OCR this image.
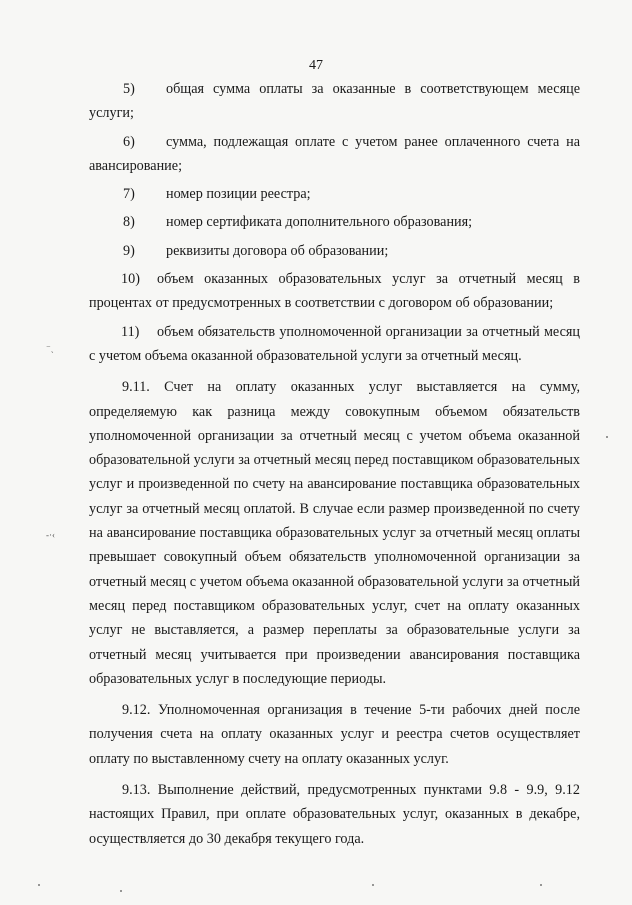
47

5) общая сумма оплаты за оказанные в соответствующем месяце услуги;

6) сумма, подлежащая оплате с учетом ранее оплаченного счета на авансирование;

7) номер позиции реестра;

8) номер сертификата дополнительного образования;

9) реквизиты договора об образовании;

10) объем оказанных образовательных услуг за отчетный месяц в процентах от предусмотренных в соответствии с договором об образовании;

11) объем обязательств уполномоченной организации за отчетный месяц с учетом объема оказанной образовательной услуги за отчетный месяц.

9.11. Счет на оплату оказанных услуг выставляется на сумму, определяемую как разница между совокупным объемом обязательств уполномоченной организации за отчетный месяц с учетом объема оказанной образовательной услуги за отчетный месяц перед поставщиком образовательных услуг и произведенной по счету на авансирование поставщика образовательных услуг за отчетный месяц оплатой. В случае если размер произведенной по счету на авансирование поставщика образовательных услуг за отчетный месяц оплаты превышает совокупный объем обязательств уполномоченной организации за отчетный месяц с учетом объема оказанной образовательной услуги за отчетный месяц перед поставщиком образовательных услуг, счет на оплату оказанных услуг не выставляется, а размер переплаты за образовательные услуги за отчетный месяц учитывается при произведении авансирования поставщика образовательных услуг в последующие периоды.

9.12. Уполномоченная организация в течение 5-ти рабочих дней после получения счета на оплату оказанных услуг и реестра счетов осуществляет оплату по выставленному счету на оплату оказанных услуг.

9.13. Выполнение действий, предусмотренных пунктами 9.8 - 9.9, 9.12 настоящих Правил, при оплате образовательных услуг, оказанных в декабре, осуществляется до 30 декабря текущего года.

⁻ˎ
-·‹
